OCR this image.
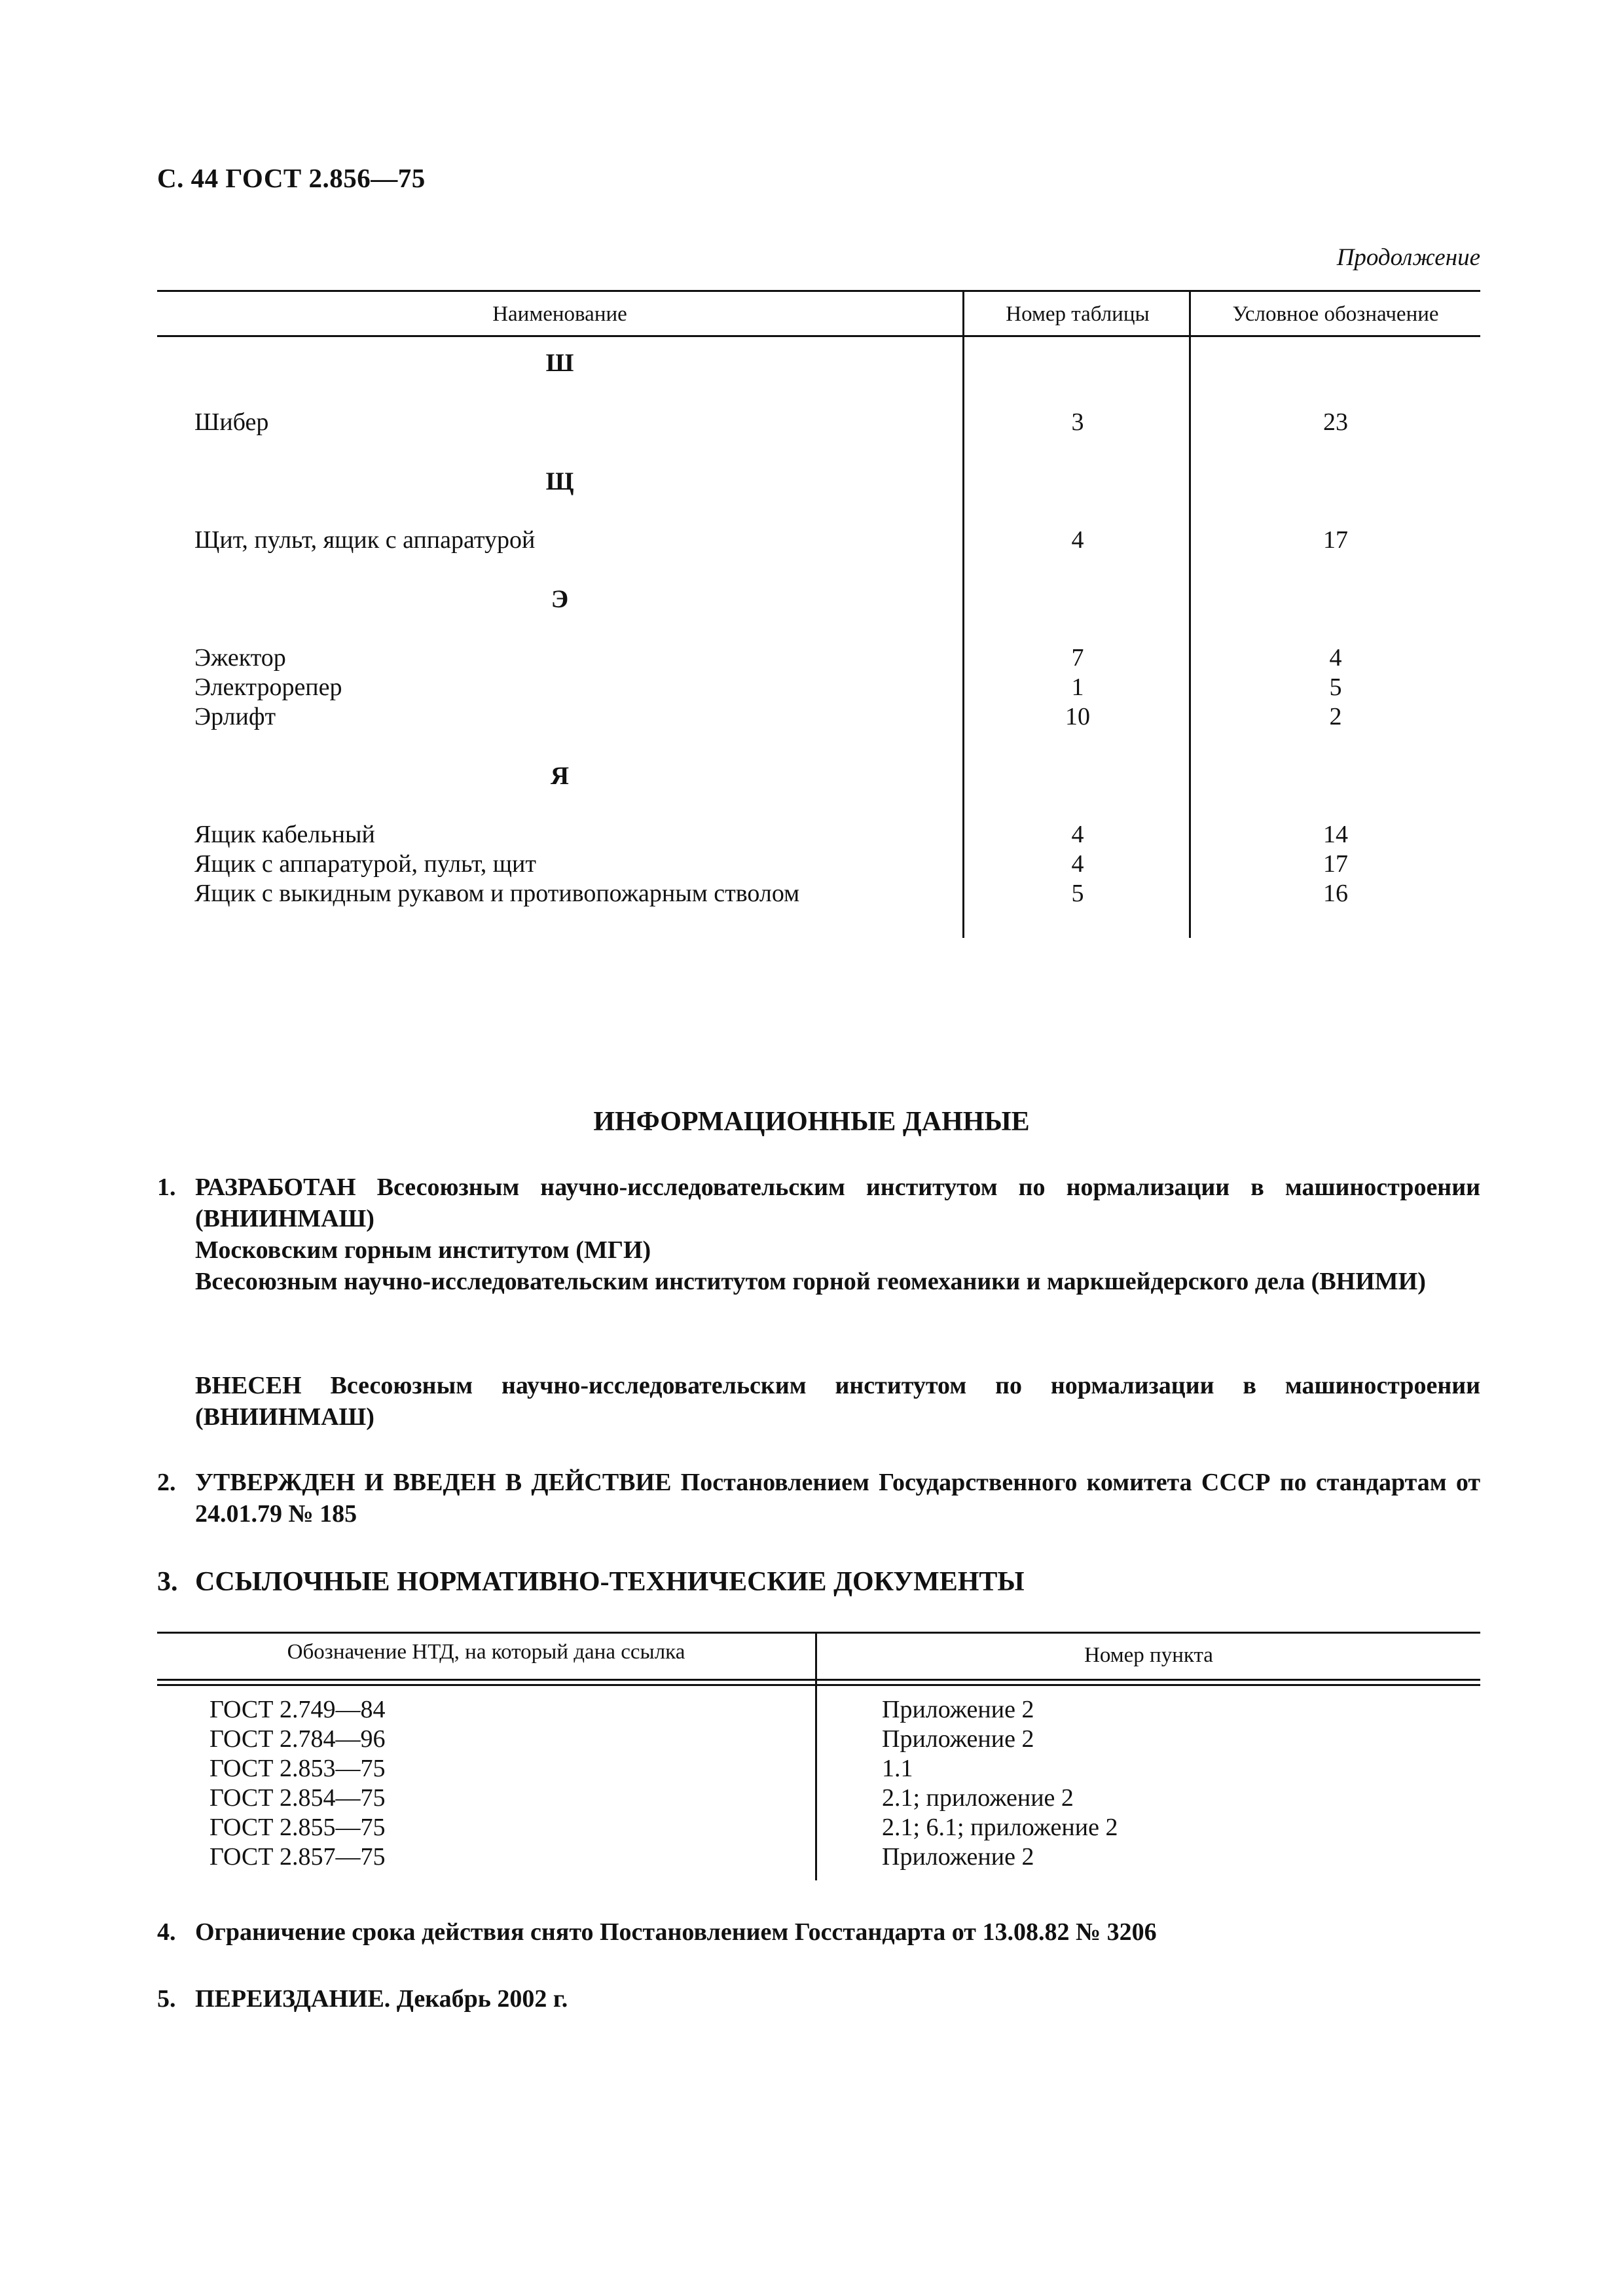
С. 44 ГОСТ 2.856—75
Продолжение
Наименование	Номер таблицы	Условное обозначение
Ш
Шибер	3	23
Щ
Щит, пульт, ящик с аппаратурой	4	17
Э
Эжектор	7	4
Электрорепер	1	5
Эрлифт	10	2
Я
Ящик кабельный	4	14
Ящик с аппаратурой, пульт, щит	4	17
Ящик с выкидным рукавом и противопожарным стволом	5	16
ИНФОРМАЦИОННЫЕ ДАННЫЕ
1. РАЗРАБОТАН Всесоюзным научно-исследовательским институтом по нормализации в машиностроении (ВНИИНМАШ)
Московским горным институтом (МГИ)
Всесоюзным научно-исследовательским институтом горной геомеханики и маркшейдерского дела (ВНИМИ)
ВНЕСЕН Всесоюзным научно-исследовательским институтом по нормализации в машиностроении (ВНИИНМАШ)
2. УТВЕРЖДЕН И ВВЕДЕН В ДЕЙСТВИЕ Постановлением Государственного комитета СССР по стандартам от 24.01.79 № 185
3. ССЫЛОЧНЫЕ НОРМАТИВНО-ТЕХНИЧЕСКИЕ ДОКУМЕНТЫ
Обозначение НТД, на который дана ссылка	Номер пункта
ГОСТ 2.749—84	Приложение 2
ГОСТ 2.784—96	Приложение 2
ГОСТ 2.853—75	1.1
ГОСТ 2.854—75	2.1; приложение 2
ГОСТ 2.855—75	2.1; 6.1; приложение 2
ГОСТ 2.857—75	Приложение 2
4. Ограничение срока действия снято Постановлением Госстандарта от 13.08.82 № 3206
5. ПЕРЕИЗДАНИЕ. Декабрь 2002 г.
